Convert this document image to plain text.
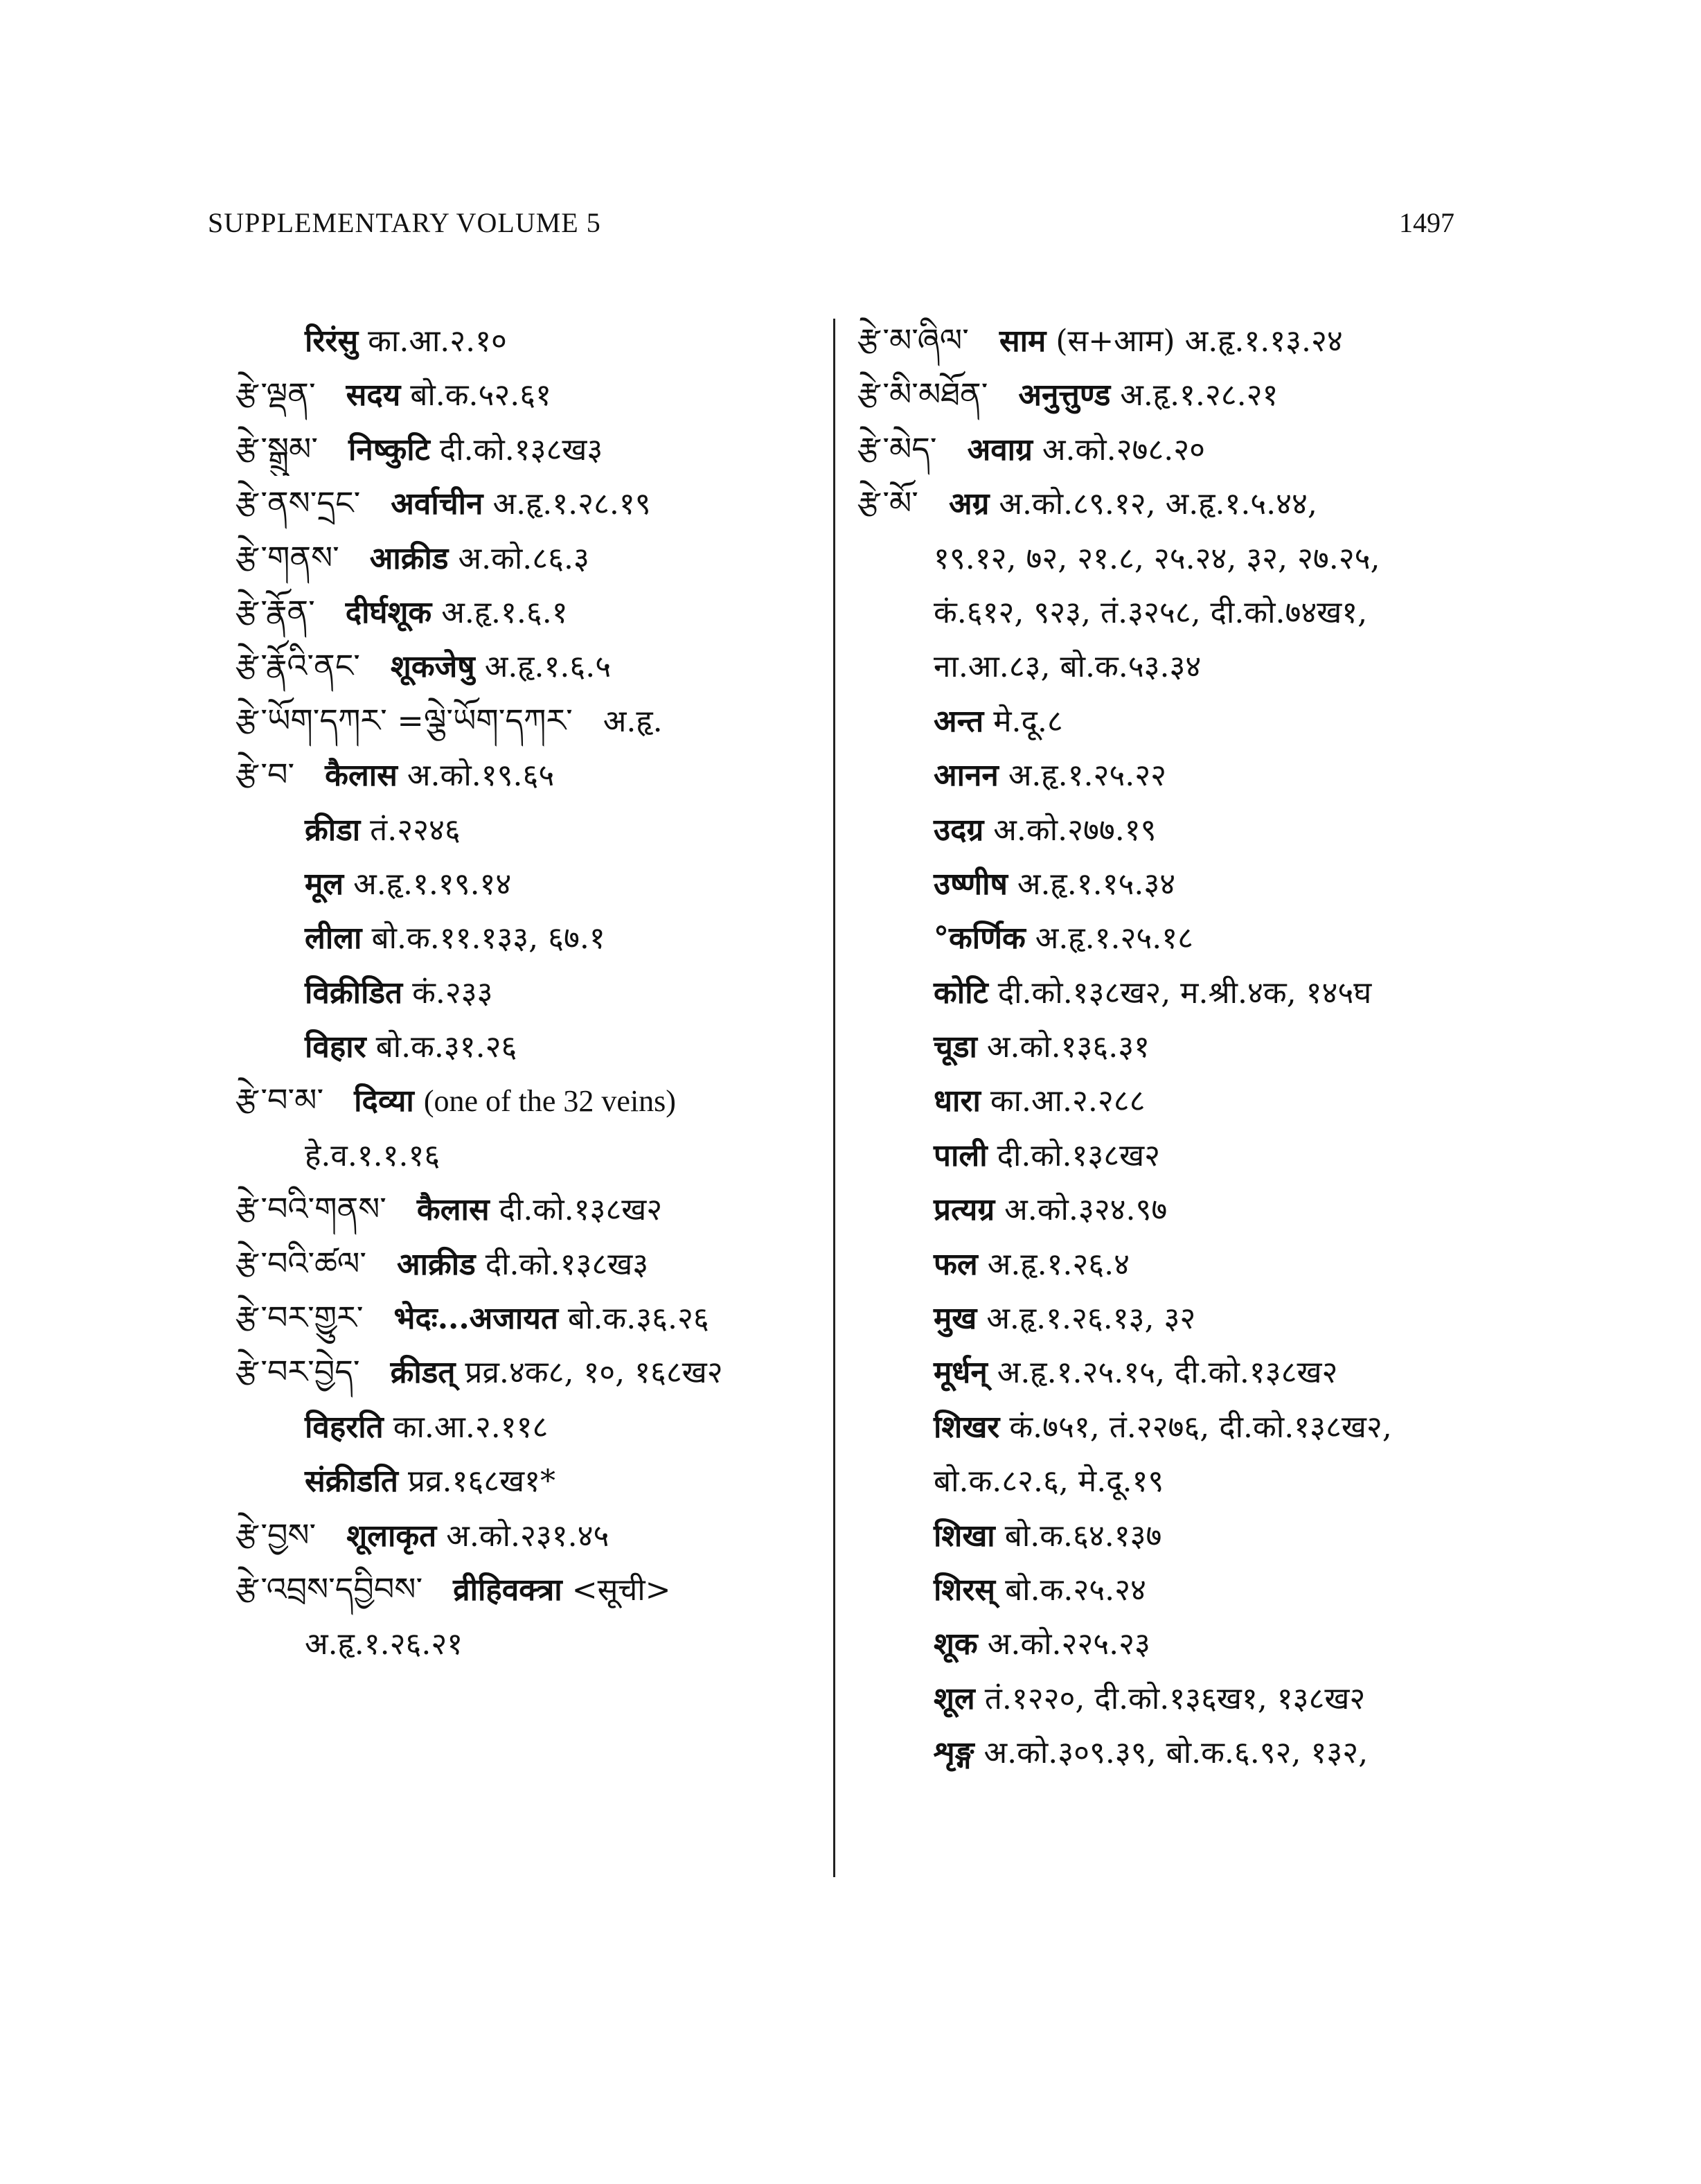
SUPPLEMENTARY VOLUME 5	1497
रिरंसु का.आ.२.१०
རྩེ་ལྡན་ सदय बो.क.५२.६१
རྩེ་སྒྲུམ་ निष्कुटि दी.को.१३८ख३
རྩེ་ནས་དྲང་ अर्वाचीन अ.हृ.१.२८.१९
རྩེ་གནས་ आक्रीड अ.को.८६.३
རྩེ་རྣོན་ दीर्घशूक अ.हृ.१.६.१
རྩེ་རྣོའི་ནང་ शूकजेषु अ.हृ.१.६.५
རྩེ་ཡོག་དཀར་ =ལྕེ་ཡོག་དཀར་ अ.हृ.
རྩེ་བ་ कैलास अ.को.१९.६५
क्रीडा तं.२२४६
मूल अ.हृ.१.१९.१४
लीला बो.क.११.१३३, ६७.१
विक्रीडित कं.२३३
विहार बो.क.३१.२६
རྩེ་བ་མ་ दिव्या (one of the 32 veins)
हे.व.१.१.१६
རྩེ་བའི་གནས་ कैलास दी.को.१३८ख२
རྩེ་བའི་ཚལ་ आक्रीड दी.को.१३८ख३
རྩེ་བར་གྱུར་ भेदः...अजायत बो.क.३६.२६
རྩེ་བར་བྱེད་ क्रीडत् प्रव्र.४क८, १०, १६८ख२
विहरति का.आ.२.११८
संक्रीडति प्रव्र.१६८ख१*
རྩེ་བྱས་ शूलाकृत अ.को.२३१.४५
རྩེ་འབྲས་དབྱིབས་ व्रीहिवक्त्रा <सूची>
अ.हृ.१.२६.२१
རྩེ་མ་ཞིལ་ साम (स+आम) अ.हृ.१.१३.२४
རྩེ་མི་མཐོན་ अनुत्तुण्ड अ.हृ.१.२८.२१
རྩེ་མེད་ अवाग्र अ.को.२७८.२०
རྩེ་མོ་ अग्र अ.को.८९.१२, अ.हृ.१.५.४४,
१९.१२, ७२, २१.८, २५.२४, ३२, २७.२५,
कं.६१२, ९२३, तं.३२५८, दी.को.७४ख१,
ना.आ.८३, बो.क.५३.३४
अन्त मे.दू.८
आनन अ.हृ.१.२५.२२
उदग्र अ.को.२७७.१९
उष्णीष अ.हृ.१.१५.३४
°कर्णिक अ.हृ.१.२५.१८
कोटि दी.को.१३८ख२, म.श्री.४क, १४५घ
चूडा अ.को.१३६.३१
धारा का.आ.२.२८८
पाली दी.को.१३८ख२
प्रत्यग्र अ.को.३२४.९७
फल अ.हृ.१.२६.४
मुख अ.हृ.१.२६.१३, ३२
मूर्धन् अ.हृ.१.२५.१५, दी.को.१३८ख२
शिखर कं.७५१, तं.२२७६, दी.को.१३८ख२,
बो.क.८२.६, मे.दू.१९
शिखा बो.क.६४.१३७
शिरस् बो.क.२५.२४
शूक अ.को.२२५.२३
शूल तं.१२२०, दी.को.१३६ख१, १३८ख२
शृङ्ग अ.को.३०९.३९, बो.क.६.९२, १३२,
